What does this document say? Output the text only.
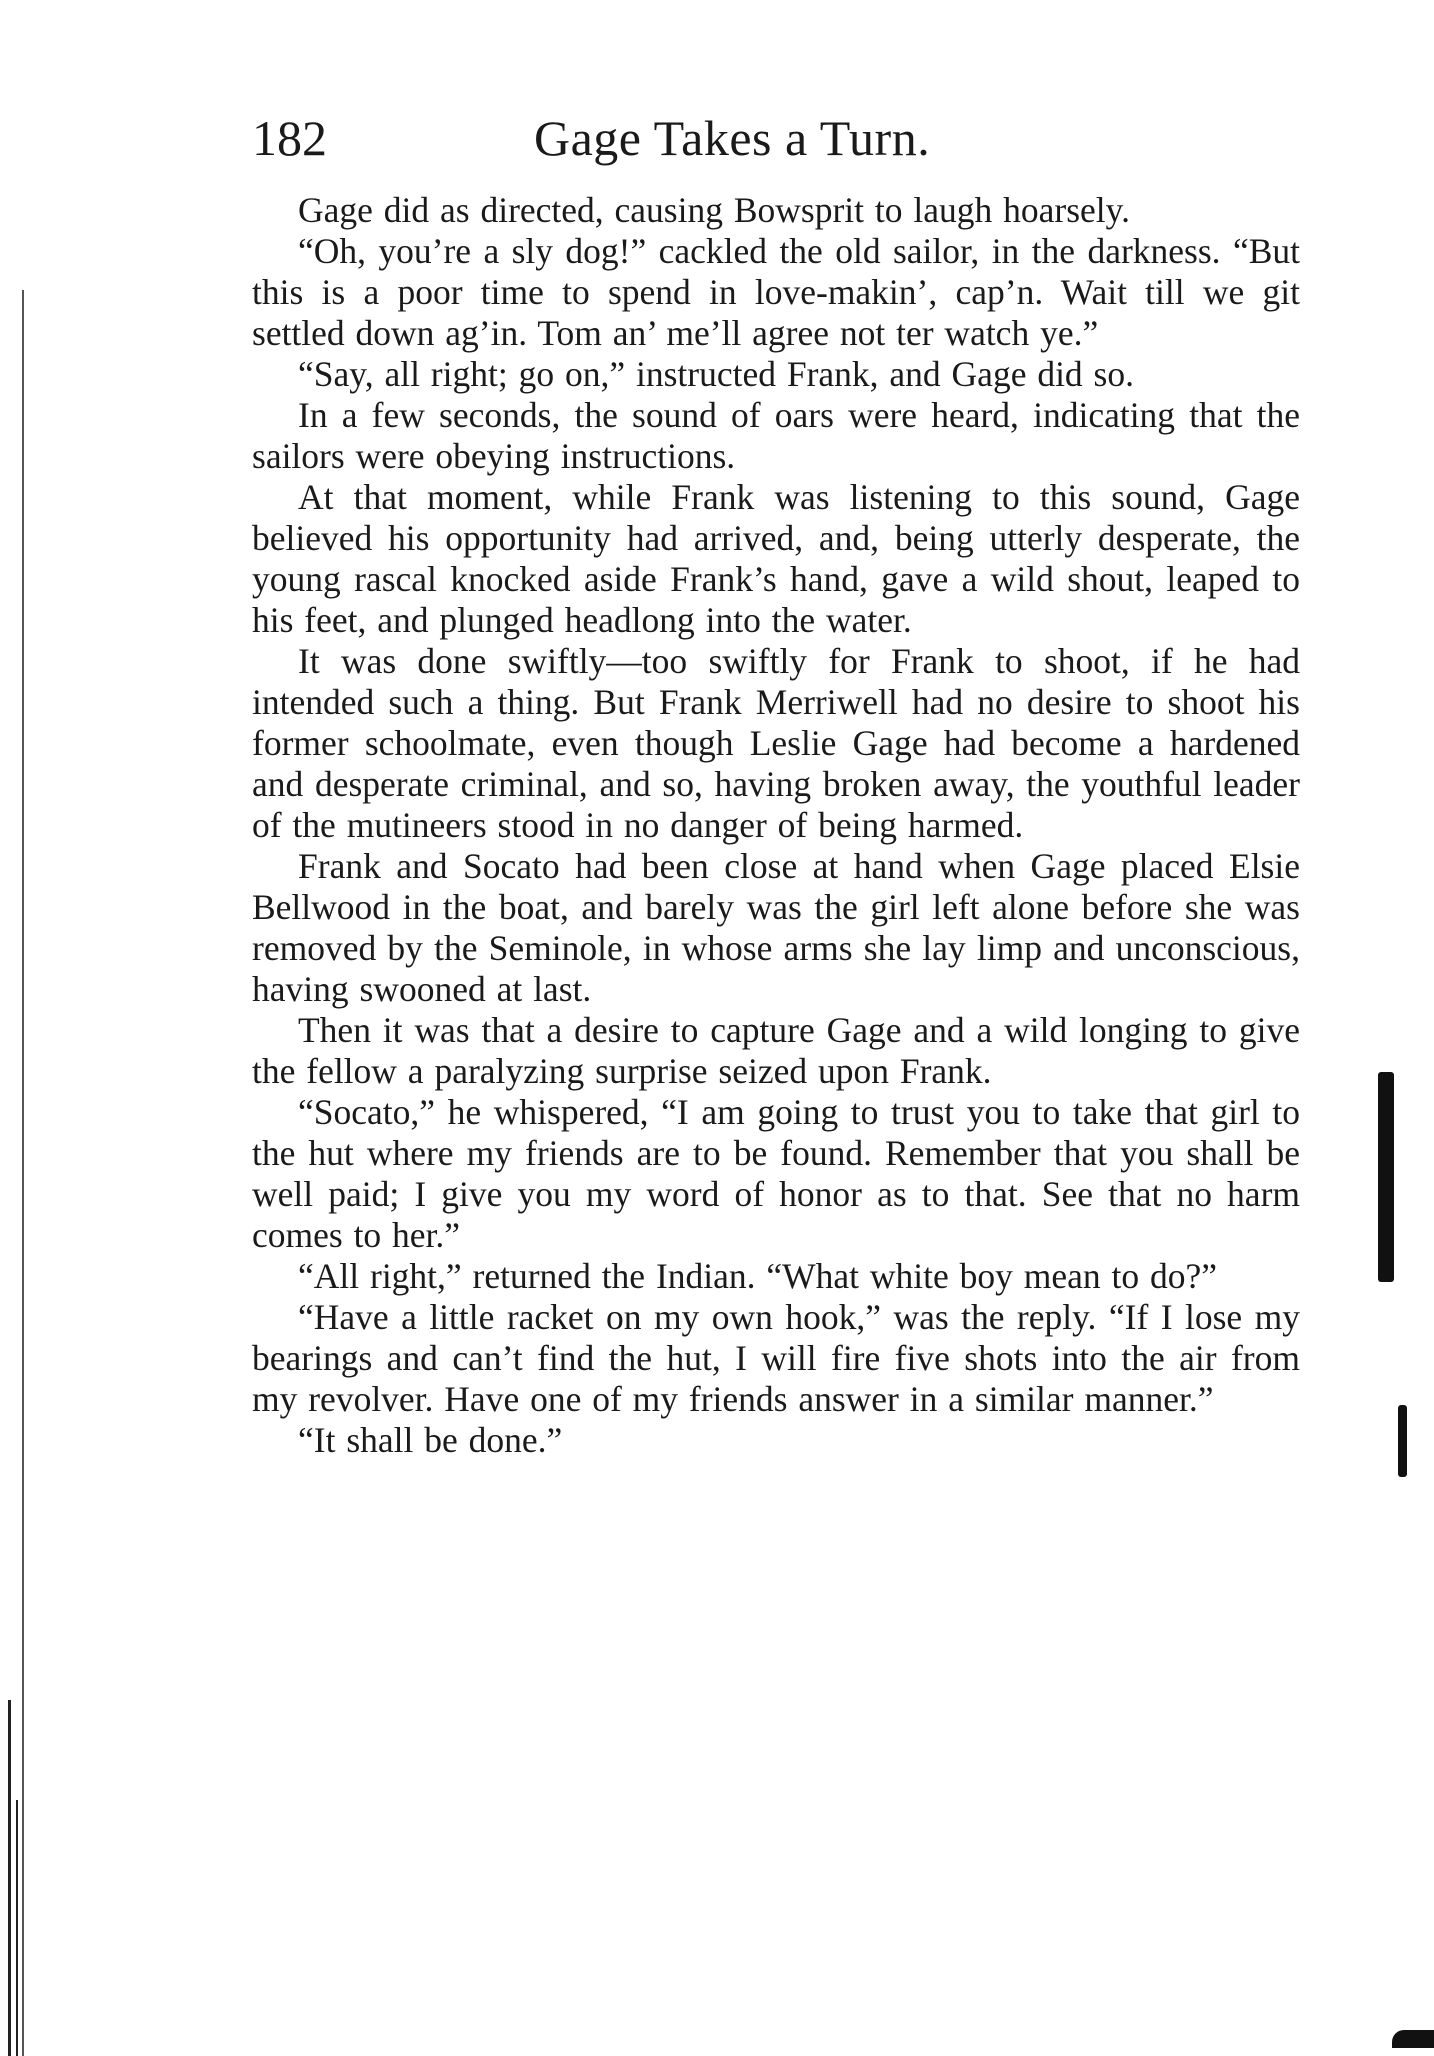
182	Gage Takes a Turn.

Gage did as directed, causing Bowsprit to laugh hoarsely.

“Oh, you’re a sly dog!” cackled the old sailor, in the darkness. “But this is a poor time to spend in love-makin’, cap’n. Wait till we git settled down ag’in. Tom an’ me’ll agree not ter watch ye.”

“Say, all right; go on,” instructed Frank, and Gage did so.

In a few seconds, the sound of oars were heard, indicating that the sailors were obeying instructions.

At that moment, while Frank was listening to this sound, Gage believed his opportunity had arrived, and, being utterly desperate, the young rascal knocked aside Frank’s hand, gave a wild shout, leaped to his feet, and plunged headlong into the water.

It was done swiftly—too swiftly for Frank to shoot, if he had intended such a thing. But Frank Merriwell had no desire to shoot his former schoolmate, even though Leslie Gage had become a hardened and desperate criminal, and so, having broken away, the youthful leader of the mutineers stood in no danger of being harmed.

Frank and Socato had been close at hand when Gage placed Elsie Bellwood in the boat, and barely was the girl left alone before she was removed by the Seminole, in whose arms she lay limp and unconscious, having swooned at last.

Then it was that a desire to capture Gage and a wild longing to give the fellow a paralyzing surprise seized upon Frank.

“Socato,” he whispered, “I am going to trust you to take that girl to the hut where my friends are to be found. Remember that you shall be well paid; I give you my word of honor as to that. See that no harm comes to her.”

“All right,” returned the Indian. “What white boy mean to do?”

“Have a little racket on my own hook,” was the reply. “If I lose my bearings and can’t find the hut, I will fire five shots into the air from my revolver. Have one of my friends answer in a similar manner.”

“It shall be done.”
